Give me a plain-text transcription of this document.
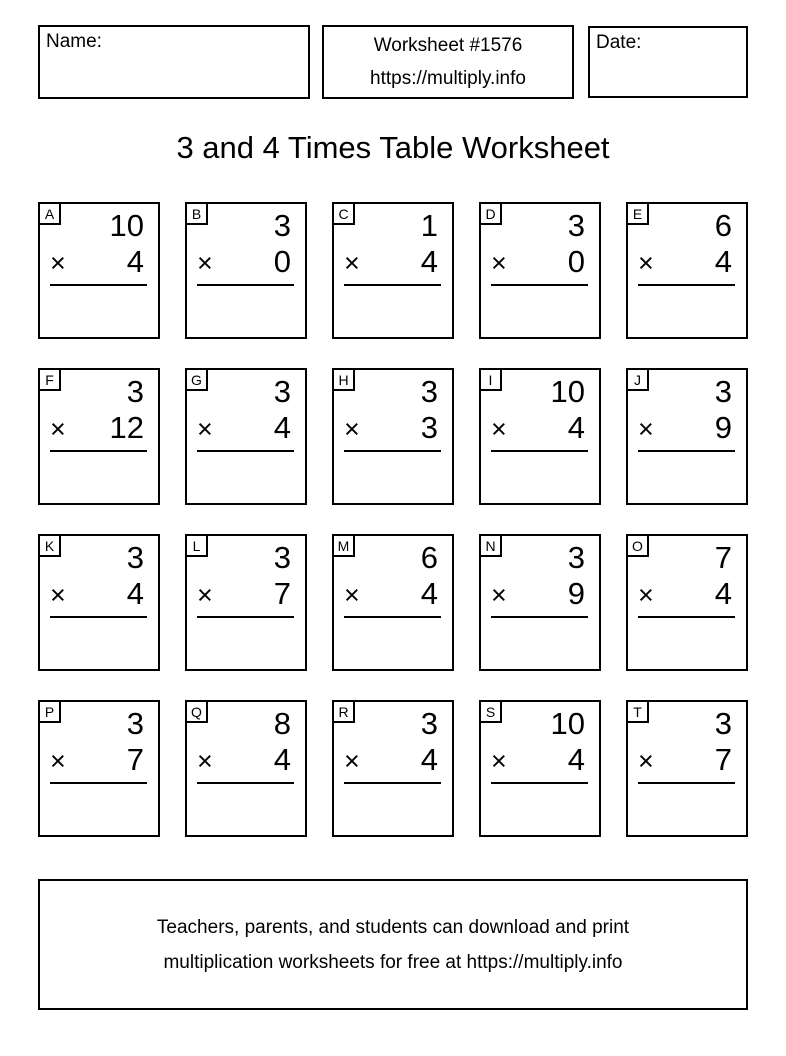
Name:	Worksheet #1576
https://multiply.info
Date:
3 and 4 Times Table Worksheet
A	10
× 4
B	3
× 0
C	1
× 4
D	3
× 0
E	6
× 4
F	3
× 12
G	3
× 4
H	3
× 3
I	10
× 4
J	3
× 9
K	3
× 4
L	3
× 7
M	6
× 4
N	3
× 9
O	7
× 4
P	3
× 7
Q	8
× 4
R	3
× 4
S	10
× 4
T	3
× 7
Teachers, parents, and students can download and print
multiplication worksheets for free at https://multiply.info
